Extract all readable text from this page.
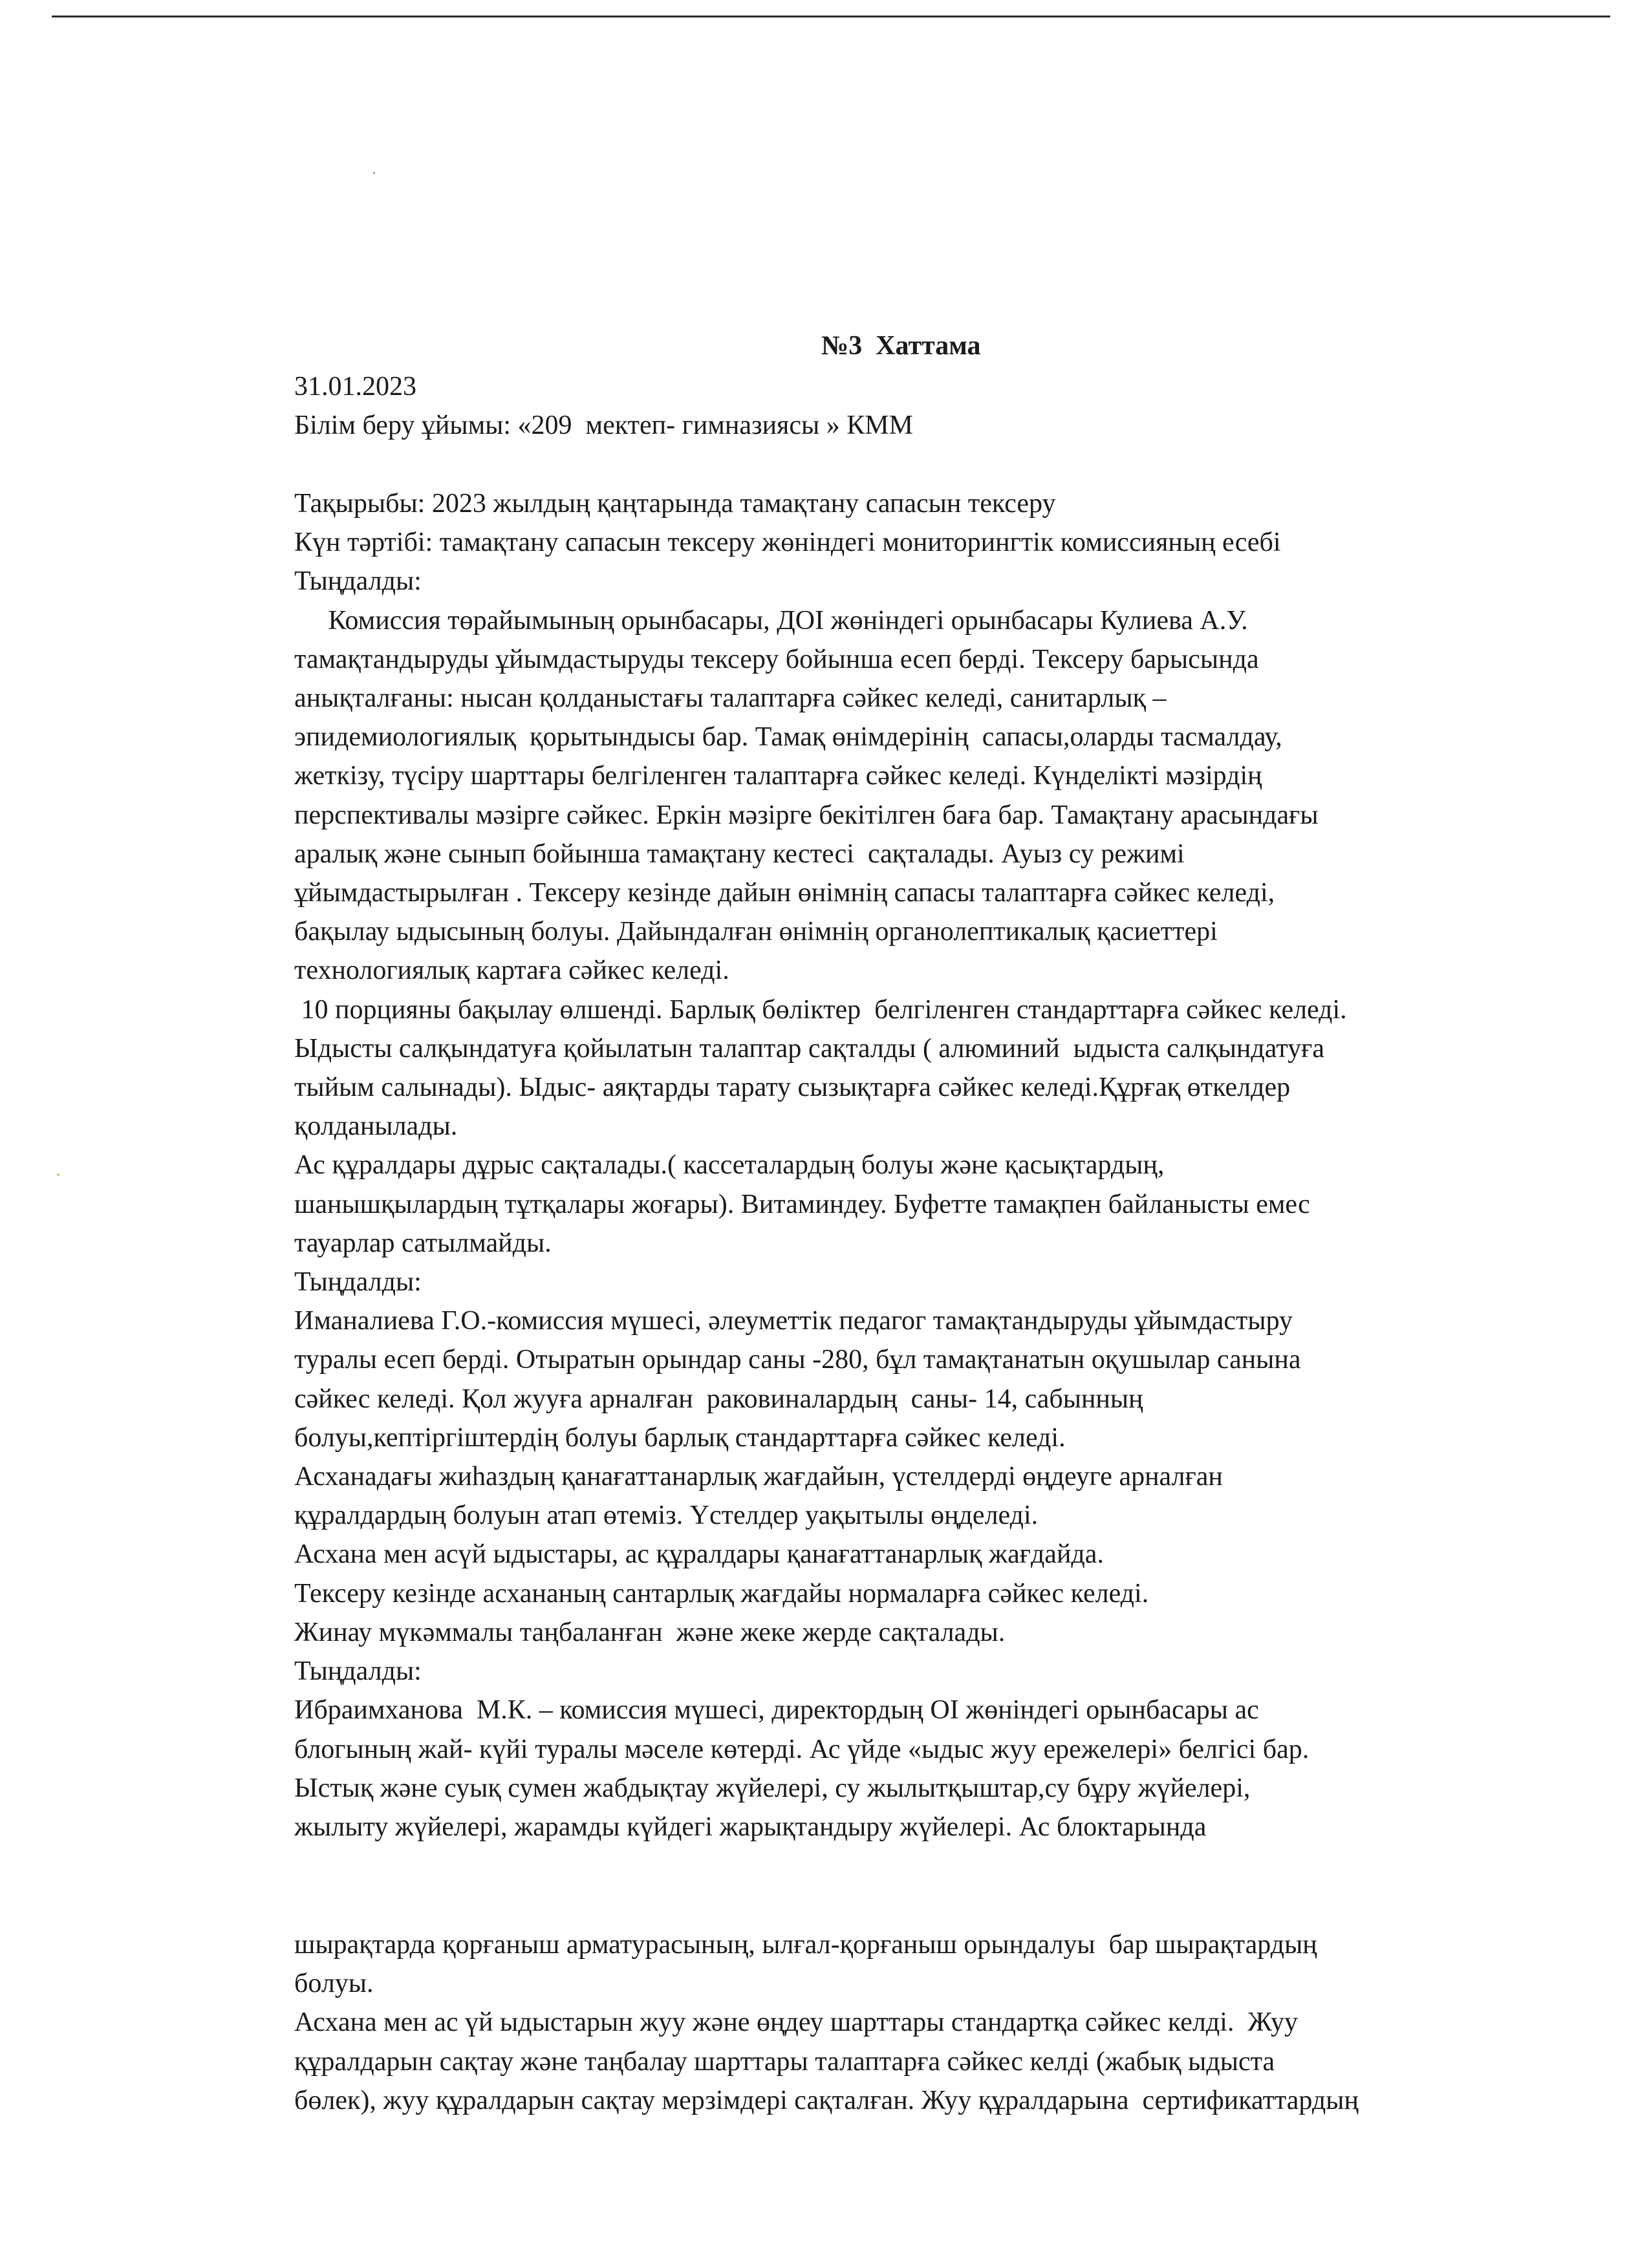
№3  Хаттама
31.01.2023
Білім беру ұйымы: «209  мектеп- гимназиясы » КММ
Тақырыбы: 2023 жылдың қаңтарында тамақтану сапасын тексеру
Күн тәртібі: тамақтану сапасын тексеру жөніндегі мониторингтік комиссияның есебі
Тыңдалды:
Комиссия төрайымының орынбасары, ДОІ жөніндегі орынбасары Кулиева А.У.
тамақтандыруды ұйымдастыруды тексеру бойынша есеп берді. Тексеру барысында
анықталғаны: нысан қолданыстағы талаптарға сәйкес келеді, санитарлық –
эпидемиологиялық  қорытындысы бар. Тамақ өнімдерінің  сапасы,оларды тасмалдау,
жеткізу, түсіру шарттары белгіленген талаптарға сәйкес келеді. Күнделікті мәзірдің
перспективалы мәзірге сәйкес. Еркін мәзірге бекітілген баға бар. Тамақтану арасындағы
аралық және сынып бойынша тамақтану кестесі  сақталады. Ауыз су режимі
ұйымдастырылған . Тексеру кезінде дайын өнімнің сапасы талаптарға сәйкес келеді,
бақылау ыдысының болуы. Дайындалған өнімнің органолептикалық қасиеттері
технологиялық картаға сәйкес келеді.
10 порцияны бақылау өлшенді. Барлық бөліктер  белгіленген стандарттарға сәйкес келеді.
Ыдысты салқындатуға қойылатын талаптар сақталды ( алюминий  ыдыста салқындатуға
тыйым салынады). Ыдыс- аяқтарды тарату сызықтарға сәйкес келеді.Құрғақ өткелдер
қолданылады.
Ас құралдары дұрыс сақталады.( кассеталардың болуы және қасықтардың,
шанышқылардың тұтқалары жоғары). Витаминдеу. Буфетте тамақпен байланысты емес
тауарлар сатылмайды.
Тыңдалды:
Иманалиева Г.О.-комиссия мүшесі, әлеуметтік педагог тамақтандыруды ұйымдастыру
туралы есеп берді. Отыратын орындар саны -280, бұл тамақтанатын оқушылар санына
сәйкес келеді. Қол жууға арналған  раковиналардың  саны- 14, сабынның
болуы,кептіргіштердің болуы барлық стандарттарға сәйкес келеді.
Асханадағы жиһаздың қанағаттанарлық жағдайын, үстелдерді өңдеуге арналған
құралдардың болуын атап өтеміз. Үстелдер уақытылы өңделеді.
Асхана мен асүй ыдыстары, ас құралдары қанағаттанарлық жағдайда.
Тексеру кезінде асхананың сантарлық жағдайы нормаларға сәйкес келеді.
Жинау мүкәммалы таңбаланған  және жеке жерде сақталады.
Тыңдалды:
Ибраимханова  М.К. – комиссия мүшесі, директордың ОІ жөніндегі орынбасары ас
блогының жай- күйі туралы мәселе көтерді. Ас үйде «ыдыс жуу ережелері» белгісі бар.
Ыстық және суық сумен жабдықтау жүйелері, су жылытқыштар,су бұру жүйелері,
жылыту жүйелері, жарамды күйдегі жарықтандыру жүйелері. Ас блоктарында
шырақтарда қорғаныш арматурасының, ылғал-қорғаныш орындалуы  бар шырақтардың
болуы.
Асхана мен ас үй ыдыстарын жуу және өңдеу шарттары стандартқа сәйкес келді.  Жуу
құралдарын сақтау және таңбалау шарттары талаптарға сәйкес келді (жабық ыдыста
бөлек), жуу құралдарын сақтау мерзімдері сақталған. Жуу құралдарына  сертификаттардың
